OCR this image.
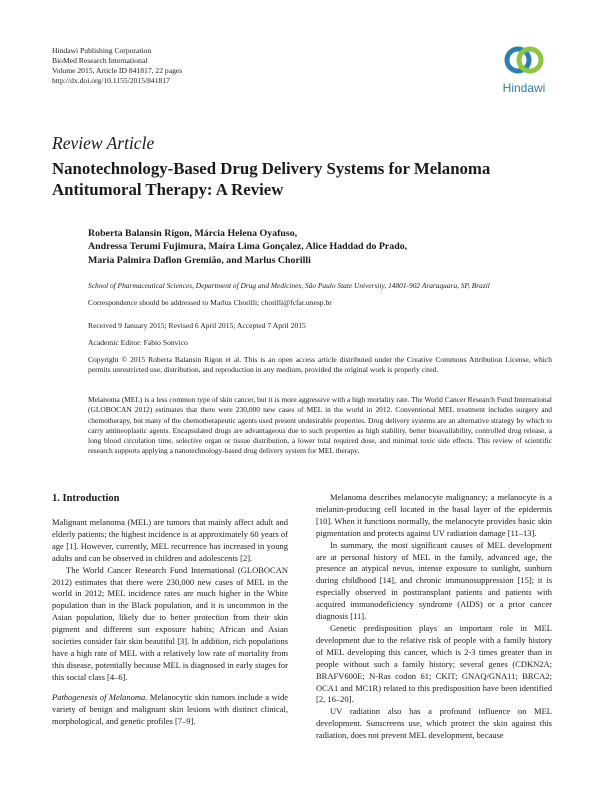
Hindawi Publishing Corporation
BioMed Research International
Volume 2015, Article ID 841817, 22 pages
http://dx.doi.org/10.1155/2015/841817
Hindawi
Review Article
Nanotechnology-Based Drug Delivery Systems for Melanoma Antitumoral Therapy: A Review
Roberta Balansin Rigon, Márcia Helena Oyafuso,
Andressa Terumi Fujimura, Maíra Lima Gonçalez, Alice Haddad do Prado,
Maria Palmira Daflon Gremião, and Marlus Chorilli
School of Pharmaceutical Sciences, Department of Drug and Medicines, São Paulo State University, 14801-902 Araraquara, SP, Brazil
Correspondence should be addressed to Marlus Chorilli; chorilli@fcfar.unesp.br
Received 9 January 2015; Revised 6 April 2015; Accepted 7 April 2015
Academic Editor: Fabio Sonvico
Copyright © 2015 Roberta Balansin Rigon et al. This is an open access article distributed under the Creative Commons Attribution License, which permits unrestricted use, distribution, and reproduction in any medium, provided the original work is properly cited.
Melanoma (MEL) is a less common type of skin cancer, but it is more aggressive with a high mortality rate. The World Cancer Research Fund International (GLOBOCAN 2012) estimates that there were 230,000 new cases of MEL in the world in 2012. Conventional MEL treatment includes surgery and chemotherapy, but many of the chemotherapeutic agents used present undesirable properties. Drug delivery systems are an alternative strategy by which to carry antineoplastic agents. Encapsulated drugs are advantageous due to such properties as high stability, better bioavailability, controlled drug release, a long blood circulation time, selective organ or tissue distribution, a lower total required dose, and minimal toxic side effects. This review of scientific research supports applying a nanotechnology-based drug delivery system for MEL therapy.
1. Introduction

Malignant melanoma (MEL) are tumors that mainly affect adult and elderly patients; the highest incidence is at approximately 60 years of age [1]. However, currently, MEL recurrence has increased in young adults and can be observed in children and adolescents [2].

The World Cancer Research Fund International (GLOBOCAN 2012) estimates that there were 230,000 new cases of MEL in the world in 2012; MEL incidence rates are much higher in the White population than in the Black population, and it is uncommon in the Asian population, likely due to better protection from their skin pigment and different sun exposure habits; African and Asian societies consider fair skin beautiful [3]. In addition, rich populations have a high rate of MEL with a relatively low rate of mortality from this disease, potentially because MEL is diagnosed in early stages for this social class [4–6].

Pathogenesis of Melanoma. Melanocytic skin tumors include a wide variety of benign and malignant skin lesions with distinct clinical, morphological, and genetic profiles [7–9].

Melanoma describes melanocyte malignancy; a melanocyte is a melanin-producing cell located in the basal layer of the epidermis [10]. When it functions normally, the melanocyte provides basic skin pigmentation and protects against UV radiation damage [11–13].

In summary, the most significant causes of MEL development are at personal history of MEL in the family, advanced age, the presence an atypical nevus, intense exposure to sunlight, sunburn during childhood [14], and chronic immunosuppression [15]; it is especially observed in posttransplant patients and patients with acquired immunodeficiency syndrome (AIDS) or a prior cancer diagnosis [11].

Genetic predisposition plays an important role in MEL development due to the relative risk of people with a family history of MEL developing this cancer, which is 2-3 times greater than in people without such a family history; several genes (CDKN2A; BRAFV600E; N-Ras codon 61; CKIT; GNAQ/GNA11; BRCA2; OCA1 and MC1R) related to this predisposition have been identified [2, 16–20].

UV radiation also has a profound influence on MEL development. Sunscreens use, which protect the skin against this radiation, does not prevent MEL development, because
